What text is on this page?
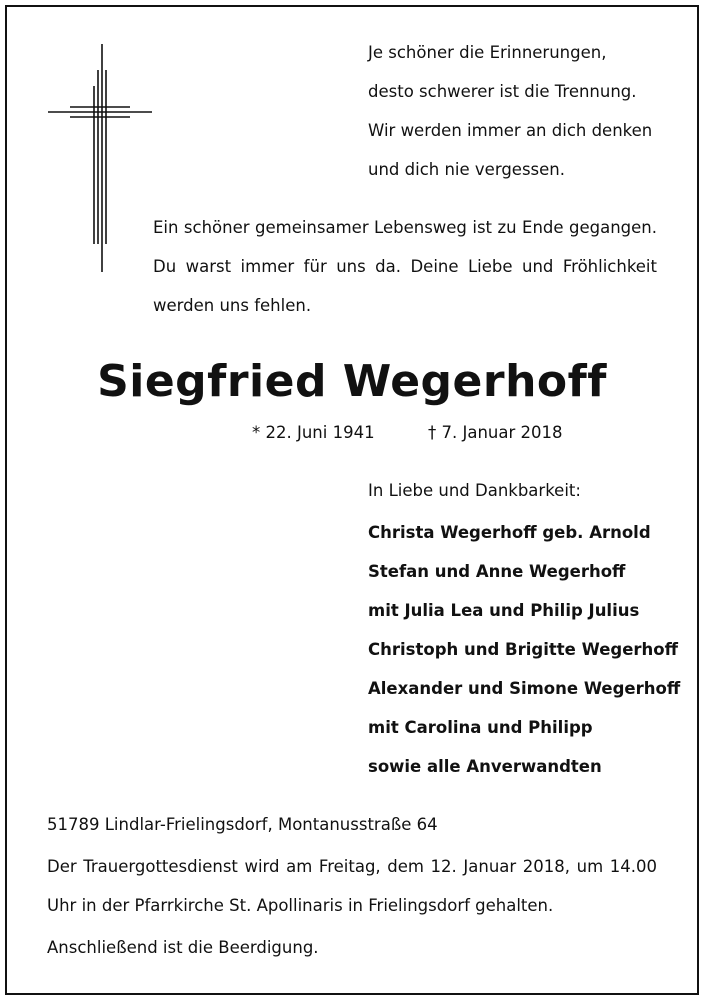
Je schöner die Erinnerungen,
desto schwerer ist die Trennung.
Wir werden immer an dich denken
und dich nie vergessen.
Ein schöner gemeinsamer Lebensweg ist zu Ende gegangen.
Du warst immer für uns da. Deine Liebe und Fröhlichkeit
werden uns fehlen.
Siegfried Wegerhoff
* 22. Juni 1941	† 7. Januar 2018
In Liebe und Dankbarkeit:
Christa Wegerhoff geb. Arnold
Stefan und Anne Wegerhoff
mit Julia Lea und Philip Julius
Christoph und Brigitte Wegerhoff
Alexander und Simone Wegerhoff
mit Carolina und Philipp
sowie alle Anverwandten
51789 Lindlar-Frielingsdorf, Montanusstraße 64
Der Trauergottesdienst wird am Freitag, dem 12. Januar 2018, um 14.00
Uhr in der Pfarrkirche St. Apollinaris in Frielingsdorf gehalten.
Anschließend ist die Beerdigung.
